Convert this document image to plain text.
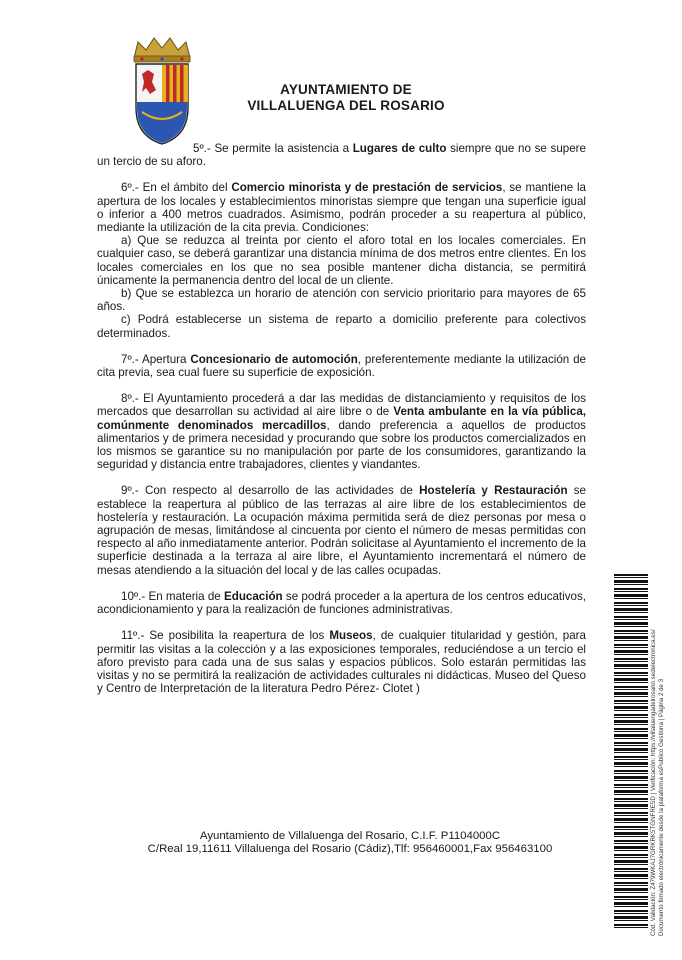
AYUNTAMIENTO DE
VILLALUENGA DEL ROSARIO

5º.- Se permite la asistencia a Lugares de culto siempre que no se supere un tercio de su aforo.

6º.- En el ámbito del Comercio minorista y de prestación de servicios, se mantiene la apertura de los locales y establecimientos minoristas siempre que tengan una superficie igual o inferior a 400 metros cuadrados. Asimismo, podrán proceder a su reapertura al público, mediante la utilización de la cita previa. Condiciones:

a) Que se reduzca al treinta por ciento el aforo total en los locales comerciales. En cualquier caso, se deberá garantizar una distancia mínima de dos metros entre clientes. En los locales comerciales en los que no sea posible mantener dicha distancia, se permitirá únicamente la permanencia dentro del local de un cliente.

b) Que se establezca un horario de atención con servicio prioritario para mayores de 65 años.

c) Podrá establecerse un sistema de reparto a domicilio preferente para colectivos determinados.

7º.- Apertura Concesionario de automoción, preferentemente mediante la utilización de cita previa, sea cual fuere su superficie de exposición.

8º.- El Ayuntamiento procederá a dar las medidas de distanciamiento y requisitos de los mercados que desarrollan su actividad al aire libre o de Venta ambulante en la vía pública, comúnmente denominados mercadillos, dando preferencia a aquellos de productos alimentarios y de primera necesidad y procurando que sobre los productos comercializados en los mismos se garantice su no manipulación por parte de los consumidores, garantizando la seguridad y distancia entre trabajadores, clientes y viandantes.

9º.- Con respecto al desarrollo de las actividades de Hostelería y Restauración se establece la reapertura al público de las terrazas al aire libre de los establecimientos de hostelería y restauración. La ocupación máxima permitida será de diez personas por mesa o agrupación de mesas, limitándose al cincuenta por ciento el número de mesas permitidas con respecto al año inmediatamente anterior. Podrán solicitase al Ayuntamiento el incremento de la superficie destinada a la terraza al aire libre, el Ayuntamiento incrementará el número de mesas atendiendo a la situación del local y de las calles ocupadas.

10º.- En materia de Educación se podrá proceder a la apertura de los centros educativos, acondicionamiento y para la realización de funciones administrativas.

11º.- Se posibilita la reapertura de los Museos, de cualquier titularidad y gestión, para permitir las visitas a la colección y a las exposiciones temporales, reduciéndose a un tercio el aforo previsto para cada una de sus salas y espacios públicos. Solo estarán permitidas las visitas y no se permitirá la realización de actividades culturales ni didácticas. Museo del Queso y Centro de Interpretación de la literatura Pedro Pérez- Clotet )

Ayuntamiento de Villaluenga del Rosario, C.I.F. P1104000C
C/Real 19,11611 Villaluenga del Rosario (Cádiz),Tlf: 956460001,Fax 956463100	Cód. Validación: Z479WKAJ7GRKRK5TGNFRE5D | Verificación: https://villaluengadelrosario.sedelectronica.es/ Documento firmado electrónicamente desde la plataforma esPublico Gestiona | Página 2 de 3
